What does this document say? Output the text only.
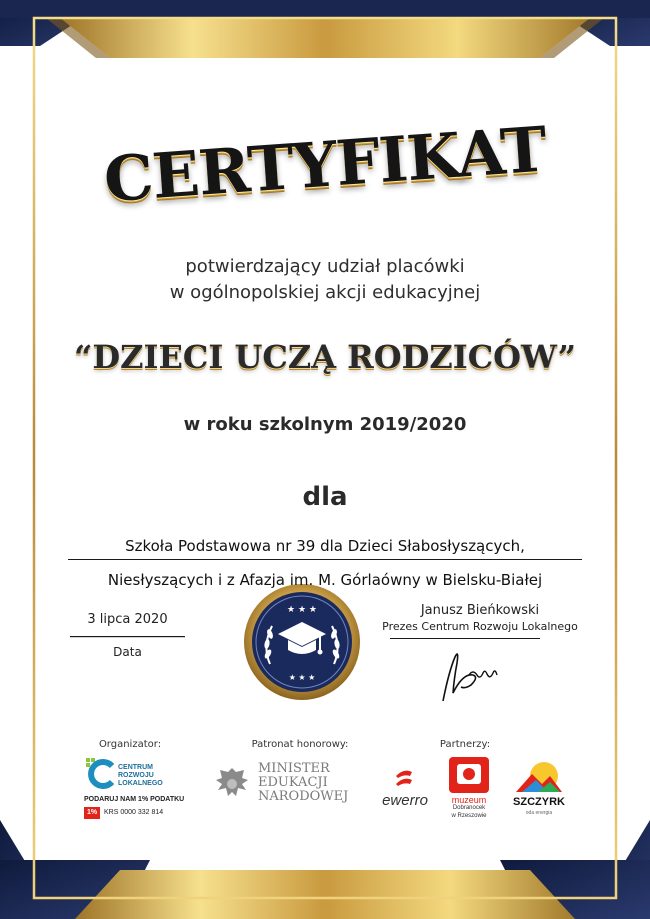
★ ★ ★
★ ★ ★
CERTYFIKAT
potwierdzający udział placówki
w ogólnopolskiej akcji edukacyjnej
“DZIECI UCZĄ RODZICÓW”
w roku szkolnym 2019/2020
dla
Szkoła Podstawowa nr 39 dla Dzieci Słabosłyszących,
Niesłyszących i z Afazja im. M. Górlaówny w Bielsku-Białej
3 lipca 2020
Data
Janusz Bieńkowski
Prezes Centrum Rozwoju Lokalnego
Organizator:	Patronat honorowy:	Partnerzy:
CENTRUM
ROZWOJU
LOKALNEGO
PODARUJ NAM 1% PODATKU
1% KRS 0000 332 814
MINISTER
EDUKACJI
NARODOWEJ	ewerro	muzeum
Dobranocek
w Rzeszowie
SZCZYRK
oda energia
